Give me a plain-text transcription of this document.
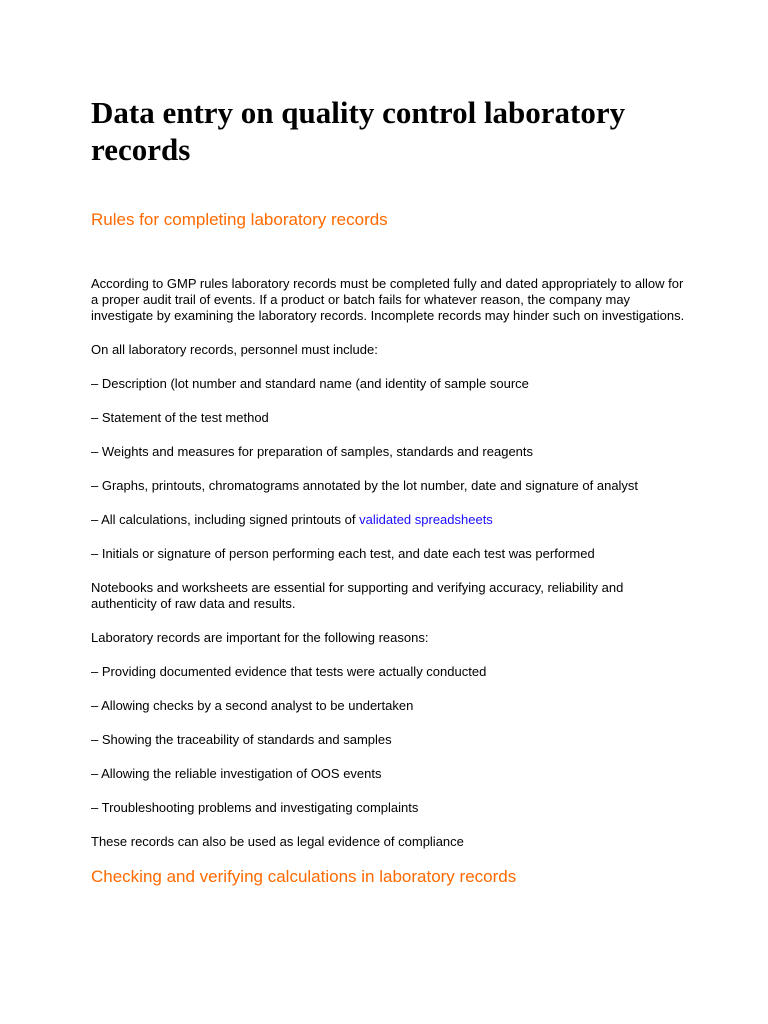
Data entry on quality control laboratory records
Rules for completing laboratory records

According to GMP rules laboratory records must be completed fully and dated appropriately to allow for a proper audit trail of events. If a product or batch fails for whatever reason, the company may investigate by examining the laboratory records. Incomplete records may hinder such on investigations.

On all laboratory records, personnel must include:

– Description (lot number and standard name (and identity of sample source

– Statement of the test method

– Weights and measures for preparation of samples, standards and reagents

– Graphs, printouts, chromatograms annotated by the lot number, date and signature of analyst

– All calculations, including signed printouts of validated spreadsheets

– Initials or signature of person performing each test, and date each test was performed

Notebooks and worksheets are essential for supporting and verifying accuracy, reliability and authenticity of raw data and results.

Laboratory records are important for the following reasons:

– Providing documented evidence that tests were actually conducted

– Allowing checks by a second analyst to be undertaken

– Showing the traceability of standards and samples

– Allowing the reliable investigation of OOS events

– Troubleshooting problems and investigating complaints

These records can also be used as legal evidence of compliance

Checking and verifying calculations in laboratory records
